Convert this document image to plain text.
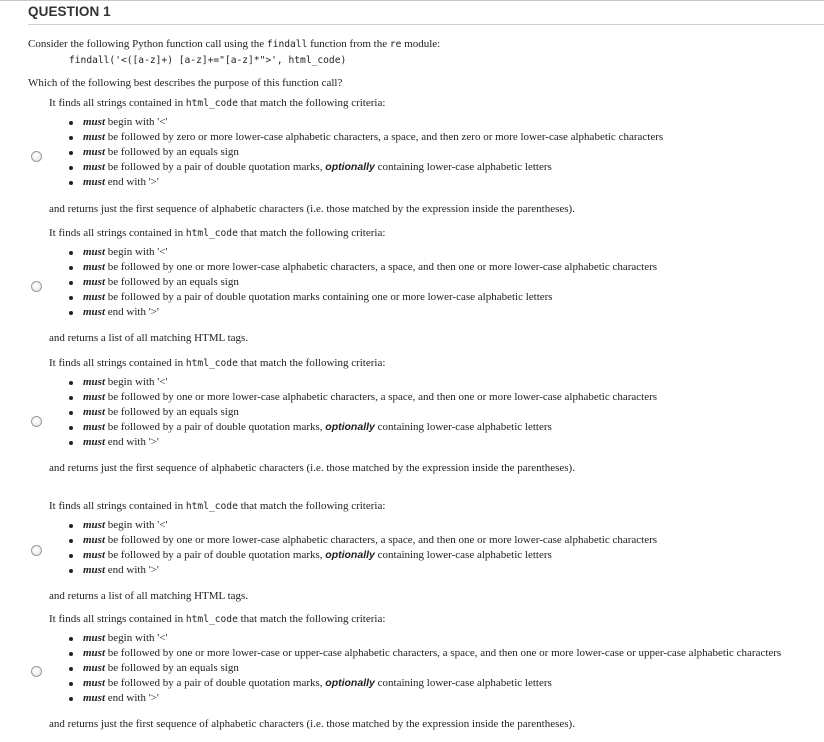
QUESTION 1
Consider the following Python function call using the findall function from the re module:
findall('<([a-z]+) [a-z]+="[a-z]*">', html_code)
Which of the following best describes the purpose of this function call?
It finds all strings contained in html_code that match the following criteria:
must begin with '<'
must be followed by zero or more lower-case alphabetic characters, a space, and then zero or more lower-case alphabetic characters
must be followed by an equals sign
must be followed by a pair of double quotation marks, optionally containing lower-case alphabetic letters
must end with '>'
and returns just the first sequence of alphabetic characters (i.e. those matched by the expression inside the parentheses).
It finds all strings contained in html_code that match the following criteria:
must begin with '<'
must be followed by one or more lower-case alphabetic characters, a space, and then one or more lower-case alphabetic characters
must be followed by an equals sign
must be followed by a pair of double quotation marks containing one or more lower-case alphabetic letters
must end with '>'
and returns a list of all matching HTML tags.
It finds all strings contained in html_code that match the following criteria:
must begin with '<'
must be followed by one or more lower-case alphabetic characters, a space, and then one or more lower-case alphabetic characters
must be followed by an equals sign
must be followed by a pair of double quotation marks, optionally containing lower-case alphabetic letters
must end with '>'
and returns just the first sequence of alphabetic characters (i.e. those matched by the expression inside the parentheses).
It finds all strings contained in html_code that match the following criteria:
must begin with '<'
must be followed by one or more lower-case alphabetic characters, a space, and then one or more lower-case alphabetic characters
must be followed by a pair of double quotation marks, optionally containing lower-case alphabetic letters
must end with '>'
and returns a list of all matching HTML tags.
It finds all strings contained in html_code that match the following criteria:
must begin with '<'
must be followed by one or more lower-case or upper-case alphabetic characters, a space, and then one or more lower-case or upper-case alphabetic characters
must be followed by an equals sign
must be followed by a pair of double quotation marks, optionally containing lower-case alphabetic letters
must end with '>'
and returns just the first sequence of alphabetic characters (i.e. those matched by the expression inside the parentheses).
